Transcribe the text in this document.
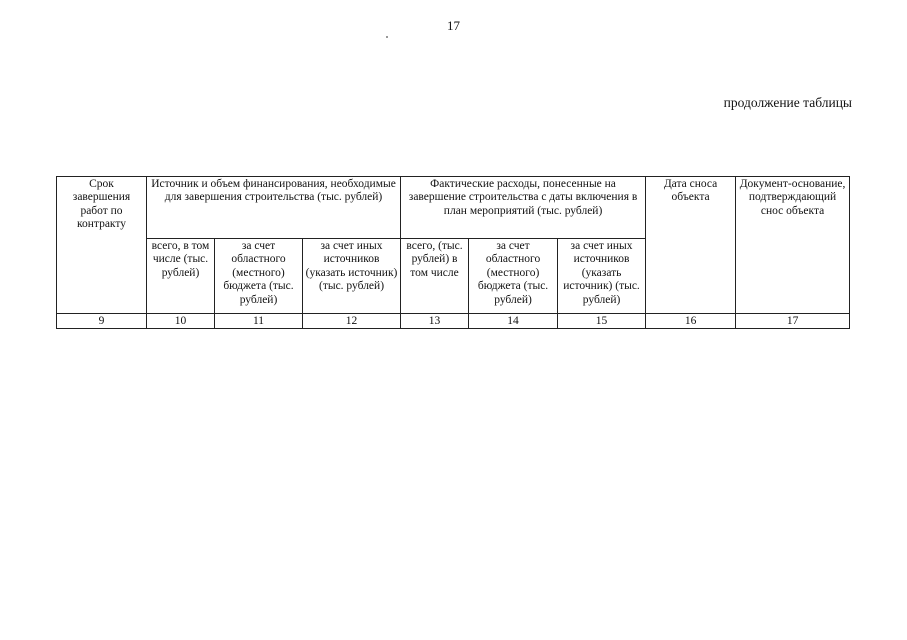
17
продолжение таблицы
Срок завершения работ по контракту	Источник и объем финансирования, необходимые для завершения строительства (тыс. рублей)			Фактические расходы, понесенные на завершение строительства с даты включения в план мероприятий (тыс. рублей)			Дата сноса объекта	Документ-основание, подтверждающий снос объекта
	всего, в том числе (тыс. рублей)	за счет областного (местного) бюджета (тыс. рублей)	за счет иных источников (указать источник) (тыс. рублей)	всего, (тыс. рублей) в том числе	за счет областного (местного) бюджета (тыс. рублей)	за счет иных источников (указать источник) (тыс. рублей)		
9	10	11	12	13	14	15	16	17
